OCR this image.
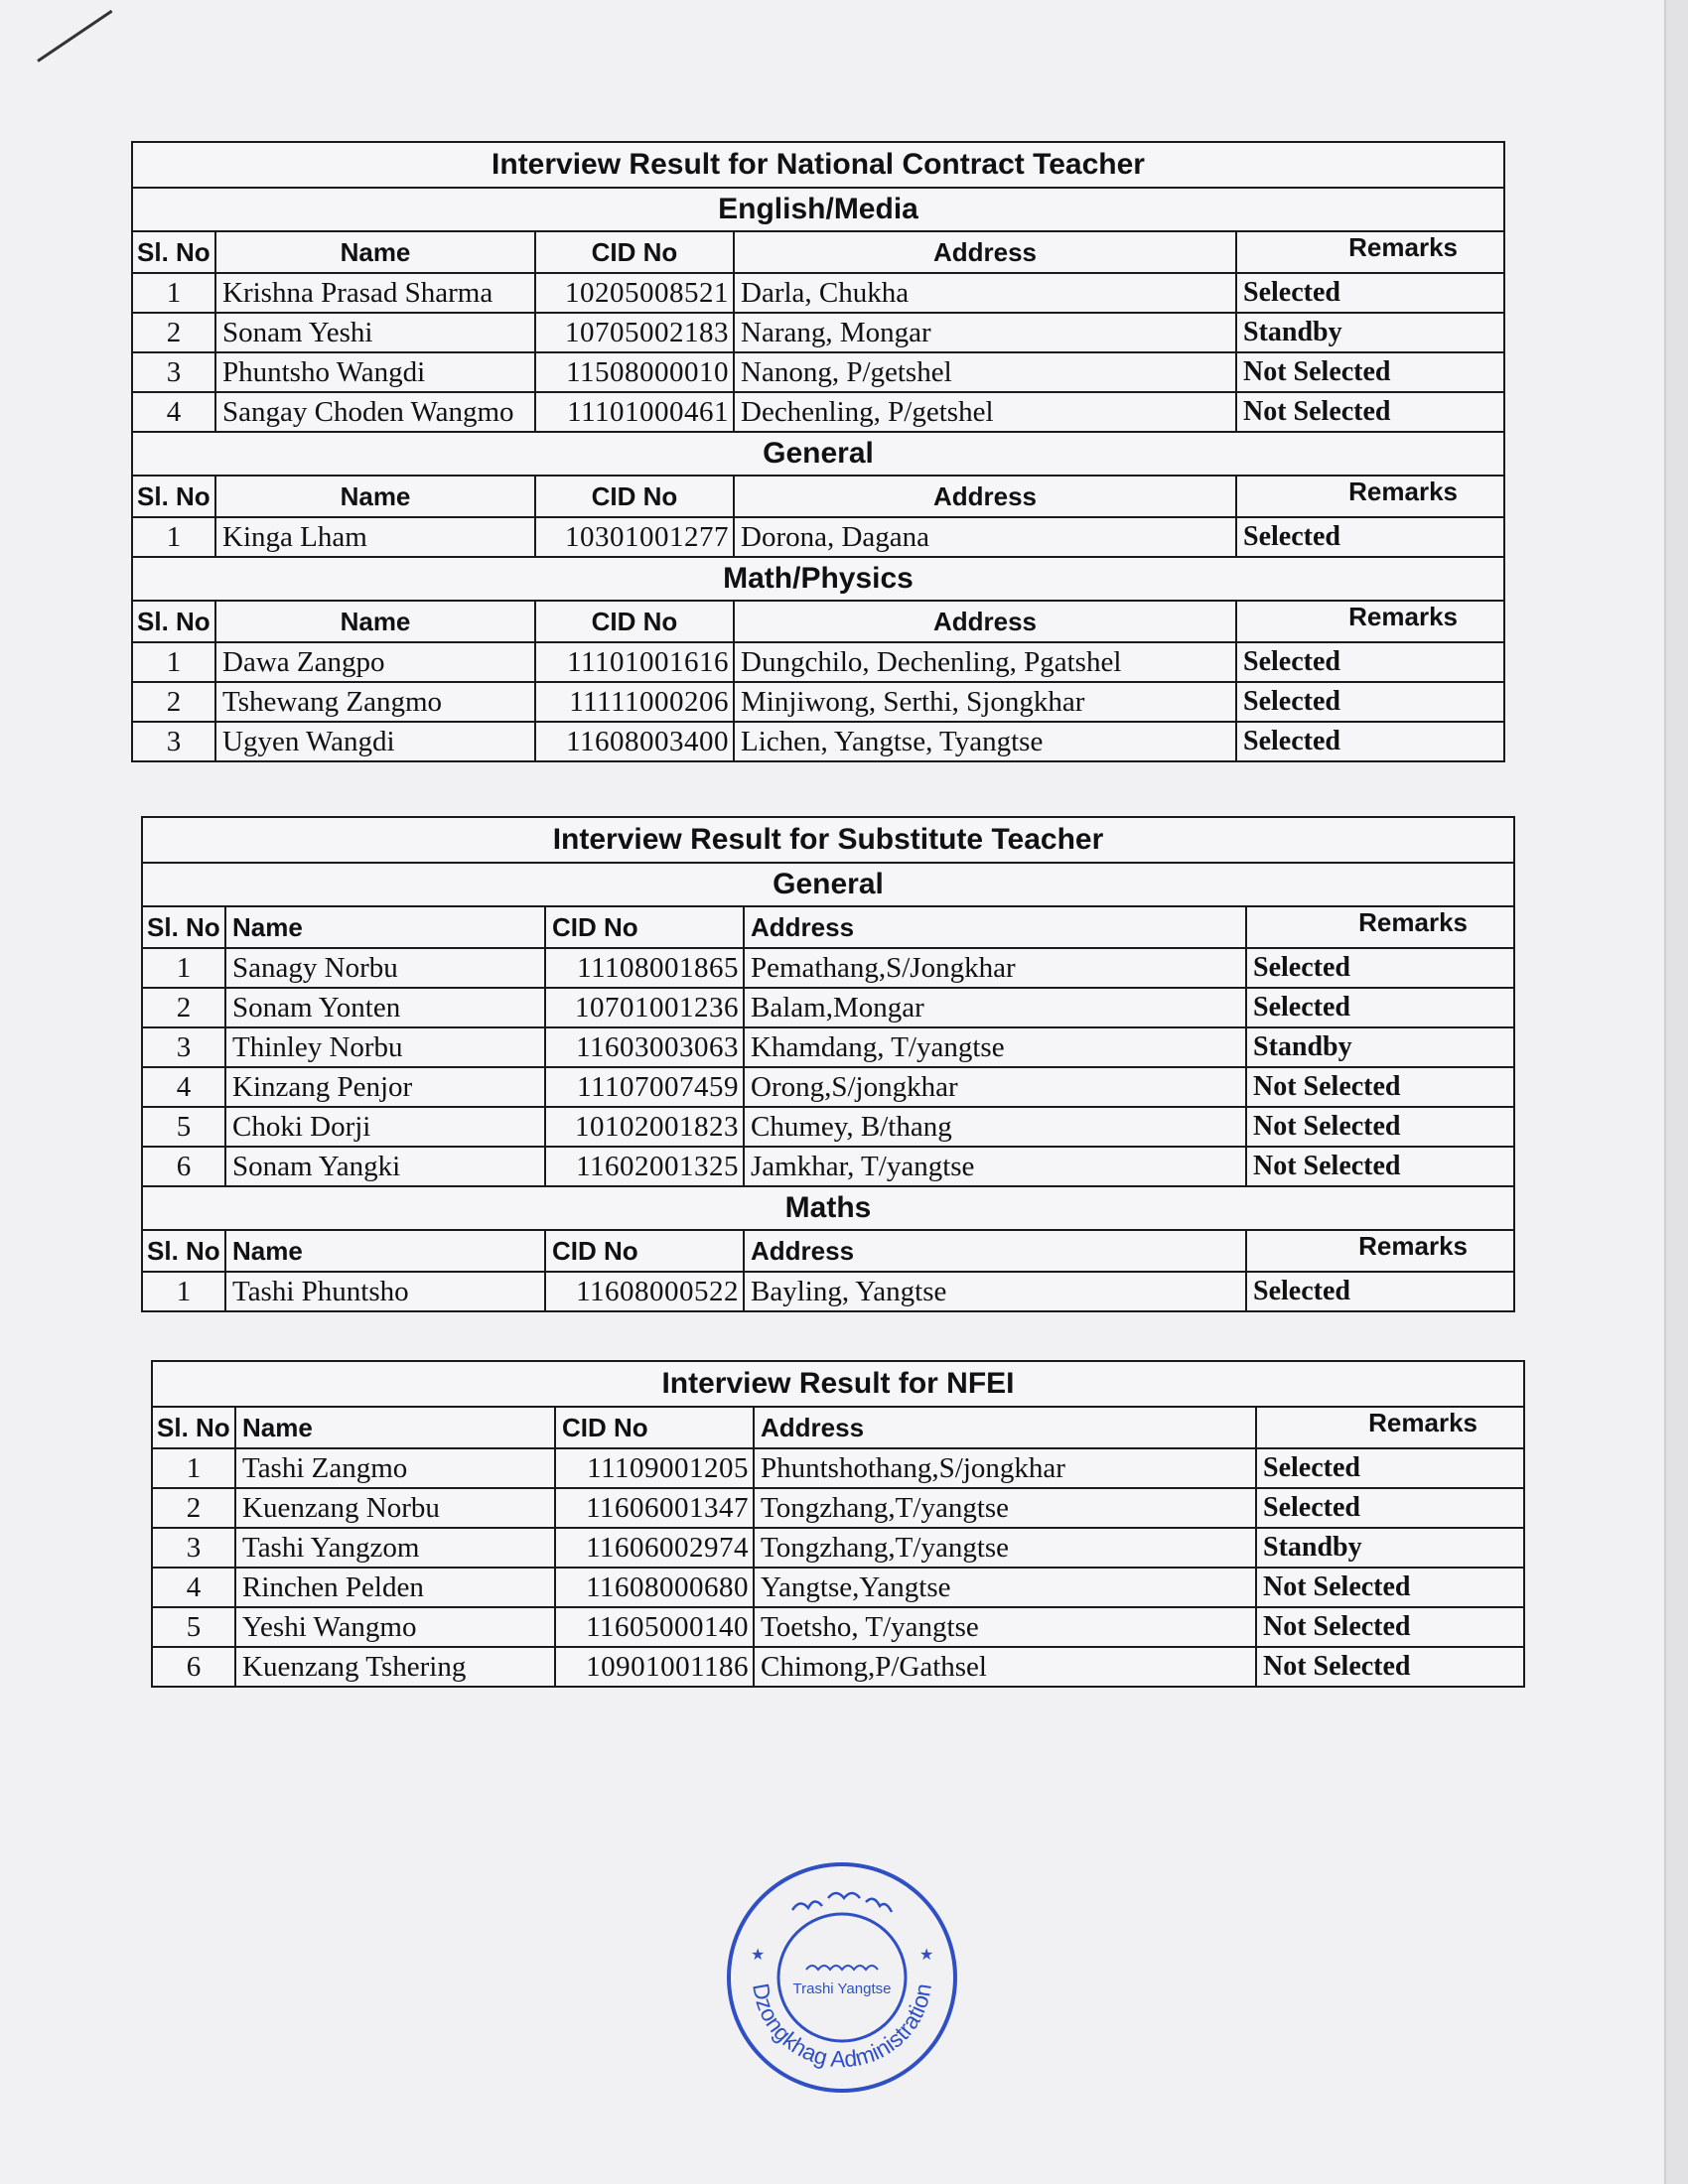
Interview Result for National Contract Teacher				
English/Media				
Sl. No	Name	CID No	Address	Remarks
1	Krishna Prasad Sharma	10205008521	Darla, Chukha	Selected
2	Sonam Yeshi	10705002183	Narang, Mongar	Standby
3	Phuntsho Wangdi	11508000010	Nanong, P/getshel	Not Selected
4	Sangay Choden Wangmo	11101000461	Dechenling, P/getshel	Not Selected
General				
Sl. No	Name	CID No	Address	Remarks
1	Kinga Lham	10301001277	Dorona, Dagana	Selected
Math/Physics				
Sl. No	Name	CID No	Address	Remarks
1	Dawa Zangpo	11101001616	Dungchilo, Dechenling, Pgatshel	Selected
2	Tshewang Zangmo	11111000206	Minjiwong, Serthi, Sjongkhar	Selected
3	Ugyen Wangdi	11608003400	Lichen, Yangtse, Tyangtse	Selected
Interview Result for Substitute Teacher				
General				
Sl. No	Name	CID No	Address	Remarks
1	Sanagy Norbu	11108001865	Pemathang,S/Jongkhar	Selected
2	Sonam Yonten	10701001236	Balam,Mongar	Selected
3	Thinley Norbu	11603003063	Khamdang, T/yangtse	Standby
4	Kinzang Penjor	11107007459	Orong,S/jongkhar	Not Selected
5	Choki Dorji	10102001823	Chumey, B/thang	Not Selected
6	Sonam Yangki	11602001325	Jamkhar, T/yangtse	Not Selected
Maths				
Sl. No	Name	CID No	Address	Remarks
1	Tashi Phuntsho	11608000522	Bayling, Yangtse	Selected
Interview Result for NFEI				
Sl. No	Name	CID No	Address	Remarks
1	Tashi Zangmo	11109001205	Phuntshothang,S/jongkhar	Selected
2	Kuenzang Norbu	11606001347	Tongzhang,T/yangtse	Selected
3	Tashi Yangzom	11606002974	Tongzhang,T/yangtse	Standby
4	Rinchen Pelden	11608000680	Yangtse,Yangtse	Not Selected
5	Yeshi Wangmo	11605000140	Toetsho, T/yangtse	Not Selected
6	Kuenzang Tshering	10901001186	Chimong,P/Gathsel	Not Selected
★	★
Trashi Yangtse
Dzongkhag Administration
